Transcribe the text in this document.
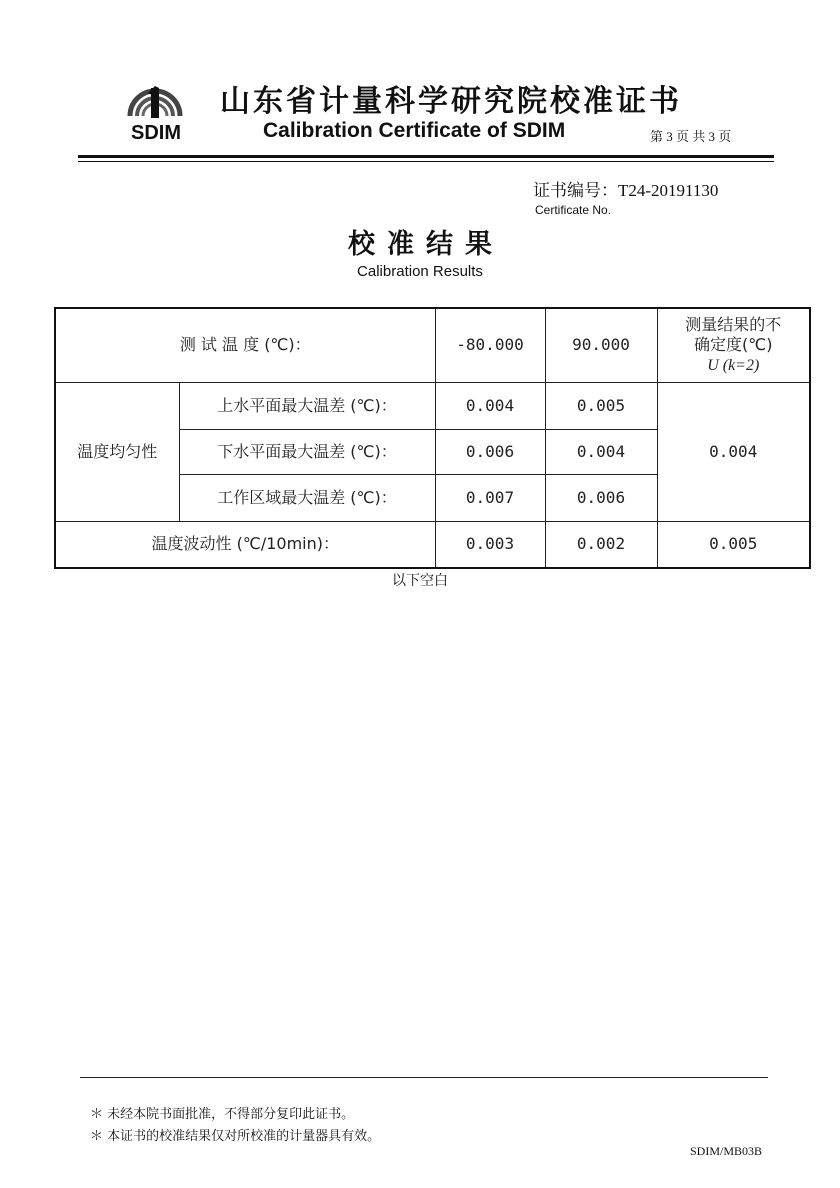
SDIM
山东省计量科学研究院校准证书
Calibration Certificate of SDIM	第 3 页 共 3 页
证书编号：T24-20191130
Certificate No.
校准结果
Calibration Results
测 试 温 度 (℃)：		-80.000	90.000	测量结果的不
确定度(℃)
U (k=2)

温度均匀性	上水平面最大温差 (℃)：	0.004	0.005	0.004
	下水平面最大温差 (℃)：	0.006	0.004	
	工作区域最大温差 (℃)：	0.007	0.006	
温度波动性 (℃/10min)：		0.003	0.002	0.005
以下空白
＊ 未经本院书面批准，不得部分复印此证书。
＊ 本证书的校准结果仅对所校准的计量器具有效。
SDIM/MB03B
